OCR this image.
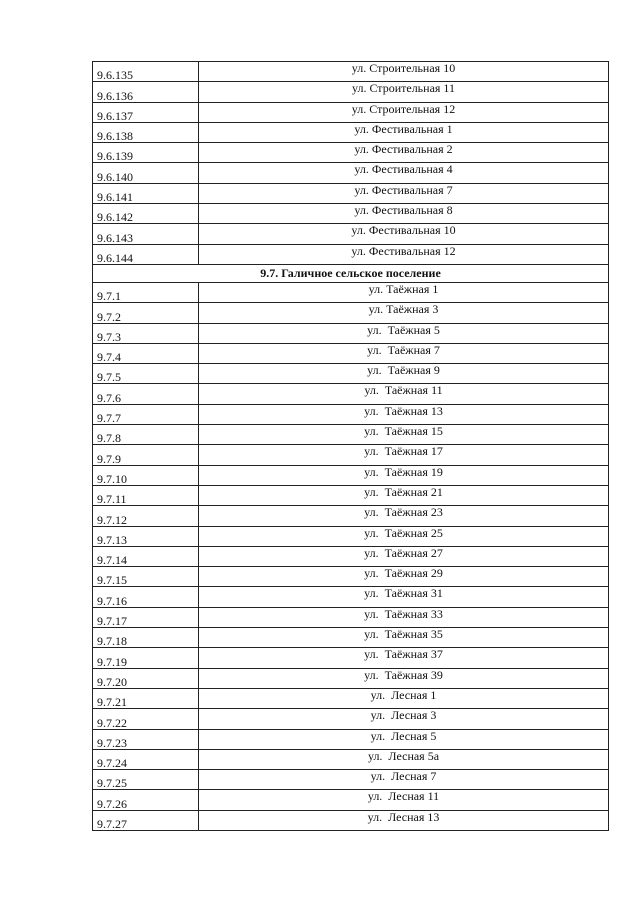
9.6.135	ул. Строительная 10
9.6.136	ул. Строительная 11
9.6.137	ул. Строительная 12
9.6.138	ул. Фестивальная 1
9.6.139	ул. Фестивальная 2
9.6.140	ул. Фестивальная 4
9.6.141	ул. Фестивальная 7
9.6.142	ул. Фестивальная 8
9.6.143	ул. Фестивальная 10
9.6.144	ул. Фестивальная 12
9.7. Галичное сельское поселение	
9.7.1	ул. Таёжная 1
9.7.2	ул. Таёжная 3
9.7.3	ул.  Таёжная 5
9.7.4	ул.  Таёжная 7
9.7.5	ул.  Таёжная 9
9.7.6	ул.  Таёжная 11
9.7.7	ул.  Таёжная 13
9.7.8	ул.  Таёжная 15
9.7.9	ул.  Таёжная 17
9.7.10	ул.  Таёжная 19
9.7.11	ул.  Таёжная 21
9.7.12	ул.  Таёжная 23
9.7.13	ул.  Таёжная 25
9.7.14	ул.  Таёжная 27
9.7.15	ул.  Таёжная 29
9.7.16	ул.  Таёжная 31
9.7.17	ул.  Таёжная 33
9.7.18	ул.  Таёжная 35
9.7.19	ул.  Таёжная 37
9.7.20	ул.  Таёжная 39
9.7.21	ул.  Лесная 1
9.7.22	ул.  Лесная 3
9.7.23	ул.  Лесная 5
9.7.24	ул.  Лесная 5а
9.7.25	ул.  Лесная 7
9.7.26	ул.  Лесная 11
9.7.27	ул.  Лесная 13
